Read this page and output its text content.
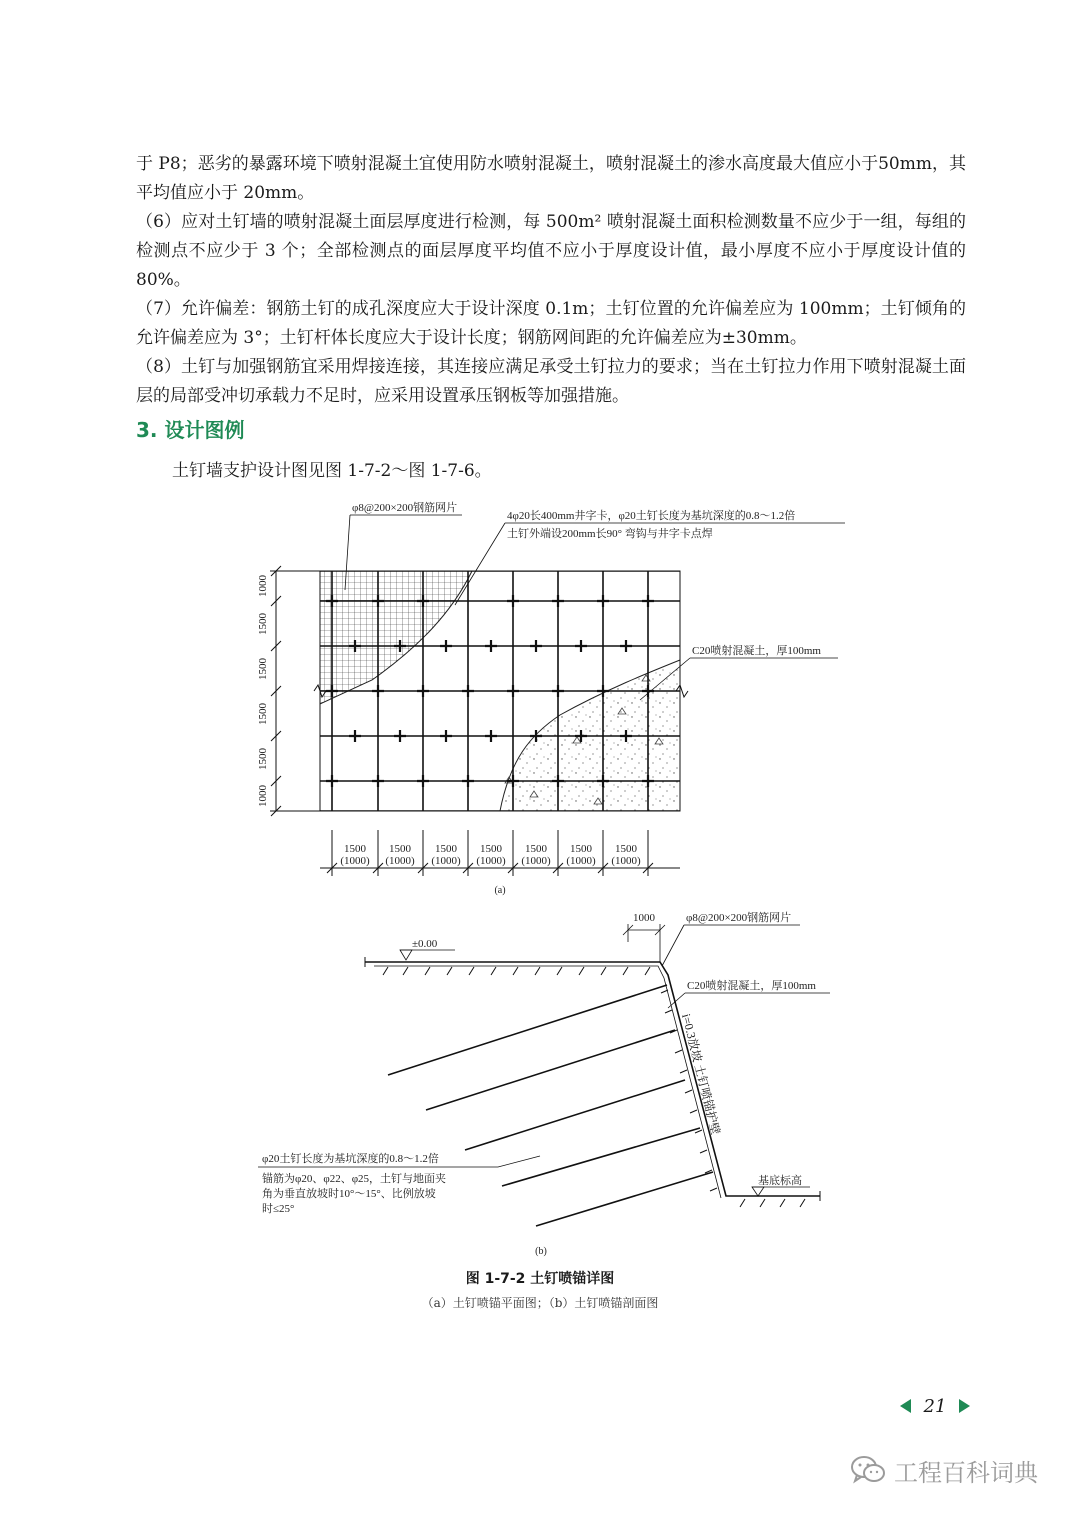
于 P8；恶劣的暴露环境下喷射混凝土宜使用防水喷射混凝土，喷射混凝土的渗水高度最大值应小于50mm，其平均值应小于 20mm。

（6）应对土钉墙的喷射混凝土面层厚度进行检测，每 500m² 喷射混凝土面积检测数量不应少于一组，每组的检测点不应少于 3 个；全部检测点的面层厚度平均值不应小于厚度设计值，最小厚度不应小于厚度设计值的 80%。

（7）允许偏差：钢筋土钉的成孔深度应大于设计深度 0.1m；土钉位置的允许偏差应为 100mm；土钉倾角的允许偏差应为 3°；土钉杆体长度应大于设计长度；钢筋网间距的允许偏差应为±30mm。

（8）土钉与加强钢筋宜采用焊接连接，其连接应满足承受土钉拉力的要求；当在土钉拉力作用下喷射混凝土面层的局部受冲切承载力不足时，应采用设置承压钢板等加强措施。

3. 设计图例

土钉墙支护设计图见图 1-7-2～图 1-7-6。

1000
1500
1500
1500
1500
1000
1500 1500 1500 1500 1500 1500 1500
(1000) (1000) (1000) (1000) (1000) (1000) (1000)
(a)
φ8@200×200钢筋网片
4φ20长400mm井字卡，φ20土钉长度为基坑深度的0.8～1.2倍
土钉外端设200mm长90° 弯钩与井字卡点焊
C20喷射混凝土，厚100mm
1000
±0.00
φ8@200×200钢筋网片
C20喷射混凝土，厚100mm
i=0.3放坡 土钉喷锚护壁
φ20土钉长度为基坑深度的0.8～1.2倍
锚筋为φ20、φ22、φ25，土钉与地面夹
角为垂直放坡时10°～15°、比例放坡
时≤25°
基底标高
(b)
图 1-7-2 土钉喷锚详图
（a）土钉喷锚平面图；（b）土钉喷锚剖面图
21
工程百科词典
